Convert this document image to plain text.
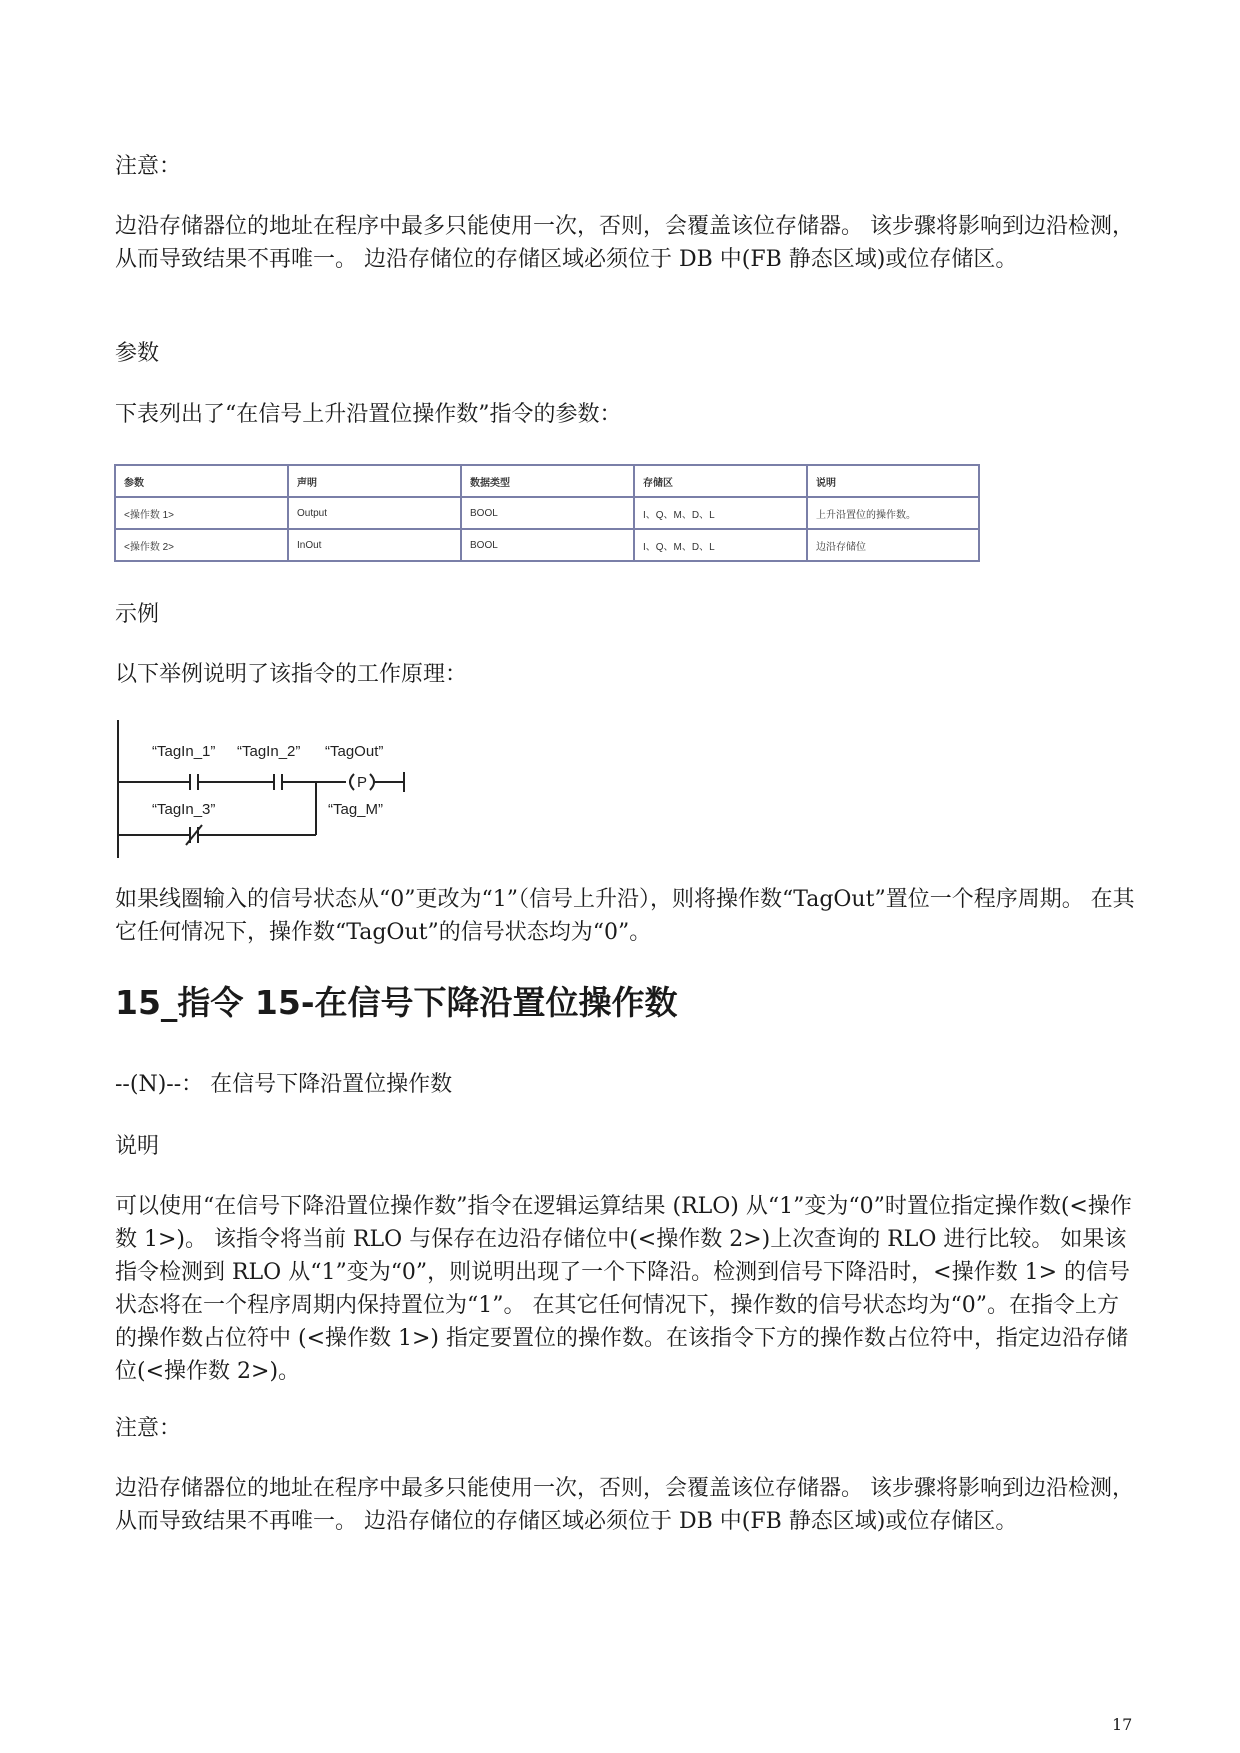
注意：

边沿存储器位的地址在程序中最多只能使用一次，否则，会覆盖该位存储器。 该步骤将影响到边沿检测，从而导致结果不再唯一。 边沿存储位的存储区域必须位于 DB 中(FB 静态区域)或位存储区。

参数

下表列出了“在信号上升沿置位操作数”指令的参数：

参数	声明	数据类型	存储区	说明
<操作数 1>	Output	BOOL	I、Q、M、D、L	上升沿置位的操作数。
<操作数 2>	InOut	BOOL	I、Q、M、D、L	边沿存储位

示例

以下举例说明了该指令的工作原理：

“TagIn_1” “TagIn_2” “TagOut”
P
“Tag_M”
“TagIn_3”

如果线圈输入的信号状态从“0”更改为“1”（信号上升沿），则将操作数“TagOut”置位一个程序周期。 在其它任何情况下，操作数“TagOut”的信号状态均为“0”。

15_指令 15-在信号下降沿置位操作数

--(N)--： 在信号下降沿置位操作数

说明

可以使用“在信号下降沿置位操作数”指令在逻辑运算结果 (RLO) 从“1”变为“0”时置位指定操作数(<操作数 1>)。 该指令将当前 RLO 与保存在边沿存储位中(<操作数 2>)上次查询的 RLO 进行比较。 如果该指令检测到 RLO 从“1”变为“0”，则说明出现了一个下降沿。检测到信号下降沿时，<操作数 1> 的信号状态将在一个程序周期内保持置位为“1”。 在其它任何情况下，操作数的信号状态均为“0”。在指令上方的操作数占位符中 (<操作数 1>) 指定要置位的操作数。在该指令下方的操作数占位符中，指定边沿存储位(<操作数 2>)。

注意：

边沿存储器位的地址在程序中最多只能使用一次，否则，会覆盖该位存储器。 该步骤将影响到边沿检测，从而导致结果不再唯一。 边沿存储位的存储区域必须位于 DB 中(FB 静态区域)或位存储区。

17
